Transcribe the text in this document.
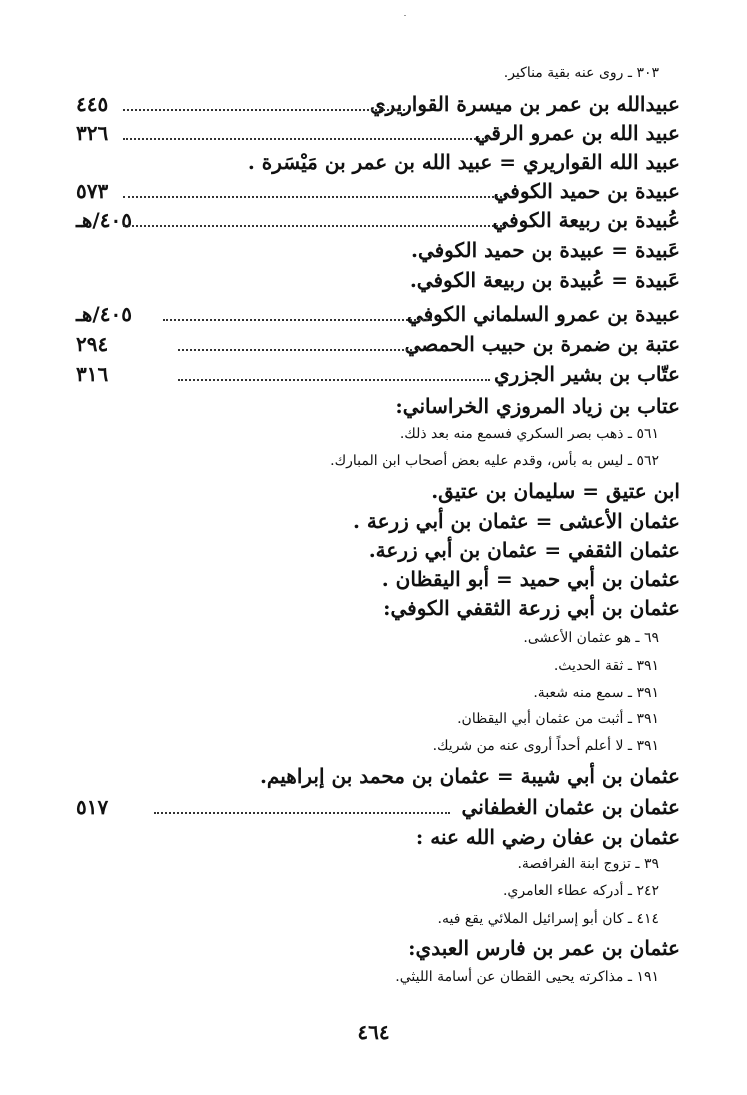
٣٠٣ ـ روى عنه بقية مناكير.
عبيدالله بن عمر بن ميسرة القواريري
٤٤٥
عبيد الله بن عمرو الرقي
٣٢٦
عبيد الله القواريري = عبيد الله بن عمر بن مَيْسَرة .
عبيدة بن حميد الكوفي
٥٧٣
عُبيدة بن ربيعة الكوفي
٤٠٥/هـ
عَبيدة = عبيدة بن حميد الكوفي.
عَبيدة = عُبيدة بن ربيعة الكوفي.
عبيدة بن عمرو السلماني الكوفي
٤٠٥/هـ
عتبة بن ضمرة بن حبيب الحمصي
٢٩٤
عتّاب بن بشير الجزري
٣١٦
عتاب بن زياد المروزي الخراساني:
٥٦١ ـ ذهب بصر السكري فسمع منه بعد ذلك.
٥٦٢ ـ ليس به بأس، وقدم عليه بعض أصحاب ابن المبارك.
ابن عتيق = سليمان بن عتيق.
عثمان الأعشى = عثمان بن أبي زرعة .
عثمان الثقفي = عثمان بن أبي زرعة.
عثمان بن أبي حميد = أبو اليقظان .
عثمان بن أبي زرعة الثقفي الكوفي:
٦٩ ـ هو عثمان الأعشى.
٣٩١ ـ ثقة الحديث.
٣٩١ ـ سمع منه شعبة.
٣٩١ ـ أثبت من عثمان أبي اليقظان.
٣٩١ ـ لا أعلم أحداً أروى عنه من شريك.
عثمان بن أبي شيبة = عثمان بن محمد بن إبراهيم.
عثمان بن عثمان الغطفاني
٥١٧
عثمان بن عفان رضي الله عنه :
٣٩ ـ تزوج ابنة الفرافصة.
٢٤٢ ـ أدركه عطاء العامري.
٤١٤ ـ كان أبو إسرائيل الملائي يقع فيه.
عثمان بن عمر بن فارس العبدي:
١٩١ ـ مذاكرته يحيى القطان عن أسامة الليثي.
٤٦٤
